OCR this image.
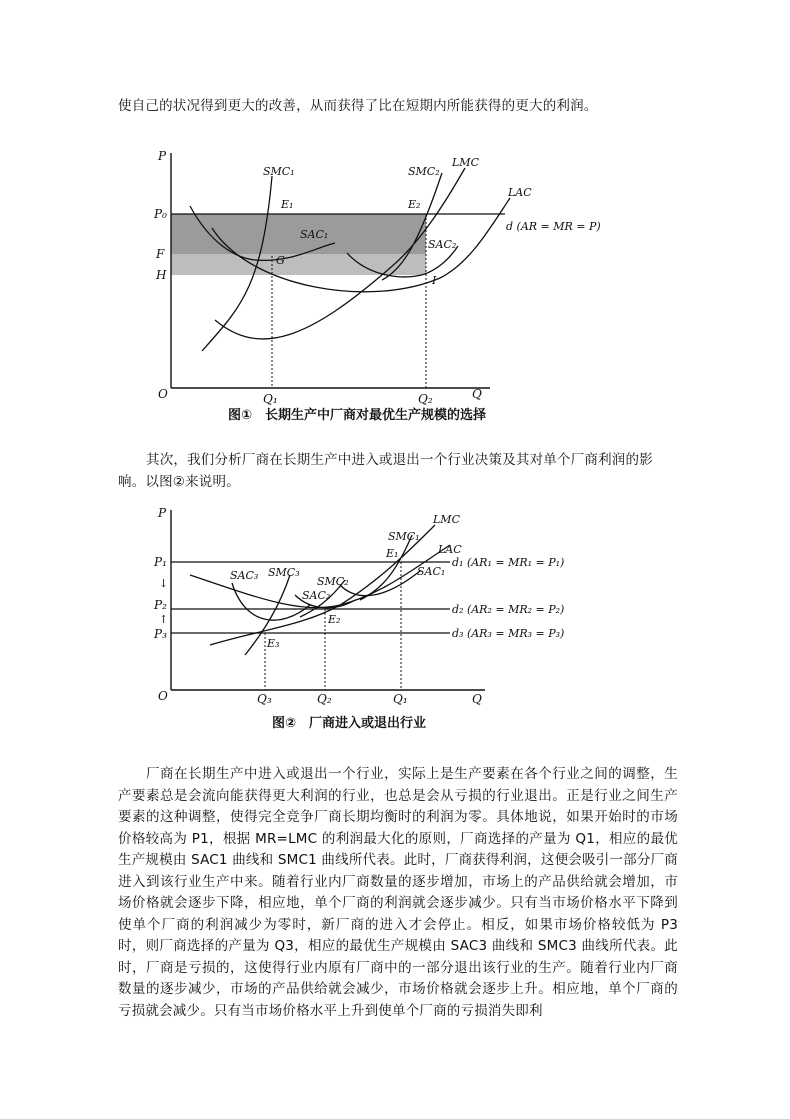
使自己的状况得到更大的改善，从而获得了比在短期内所能获得的更大的利润。

P
O	Q
P₀
F
H
Q₁	Q₂
SMC₁	SMC₂
LMC
LAC
SAC₁
SAC₂
E₁	E₂
G
I
d (AR = MR = P)
图①　长期生产中厂商对最优生产规模的选择

其次，我们分析厂商在长期生产中进入或退出一个行业决策及其对单个厂商利润的影响。以图②来说明。

P
O	Q
P₁
↓
P₂
↑
P₃
Q₁
Q₂
Q₃
SMC₁
LMC
LAC
SAC₁
SMC₂
SAC₂
SAC₃ SMC₃
E₁
E₂
E₃
d₁ (AR₁ = MR₁ = P₁)
d₂ (AR₂ = MR₂ = P₂)
d₃ (AR₃ = MR₃ = P₃)
图②　厂商进入或退出行业

厂商在长期生产中进入或退出一个行业，实际上是生产要素在各个行业之间的调整，生产要素总是会流向能获得更大利润的行业，也总是会从亏损的行业退出。正是行业之间生产要素的这种调整，使得完全竞争厂商长期均衡时的利润为零。具体地说，如果开始时的市场价格较高为 P1，根据 MR=LMC 的利润最大化的原则，厂商选择的产量为 Q1，相应的最优生产规模由 SAC1 曲线和 SMC1 曲线所代表。此时，厂商获得利润，这便会吸引一部分厂商进入到该行业生产中来。随着行业内厂商数量的逐步增加，市场上的产品供给就会增加，市场价格就会逐步下降，相应地，单个厂商的利润就会逐步减少。只有当市场价格水平下降到使单个厂商的利润减少为零时，新厂商的进入才会停止。相反，如果市场价格较低为 P3 时，则厂商选择的产量为 Q3，相应的最优生产规模由 SAC3 曲线和 SMC3 曲线所代表。此时，厂商是亏损的，这使得行业内原有厂商中的一部分退出该行业的生产。随着行业内厂商数量的逐步减少，市场的产品供给就会减少，市场价格就会逐步上升。相应地，单个厂商的亏损就会减少。只有当市场价格水平上升到使单个厂商的亏损消失即利
